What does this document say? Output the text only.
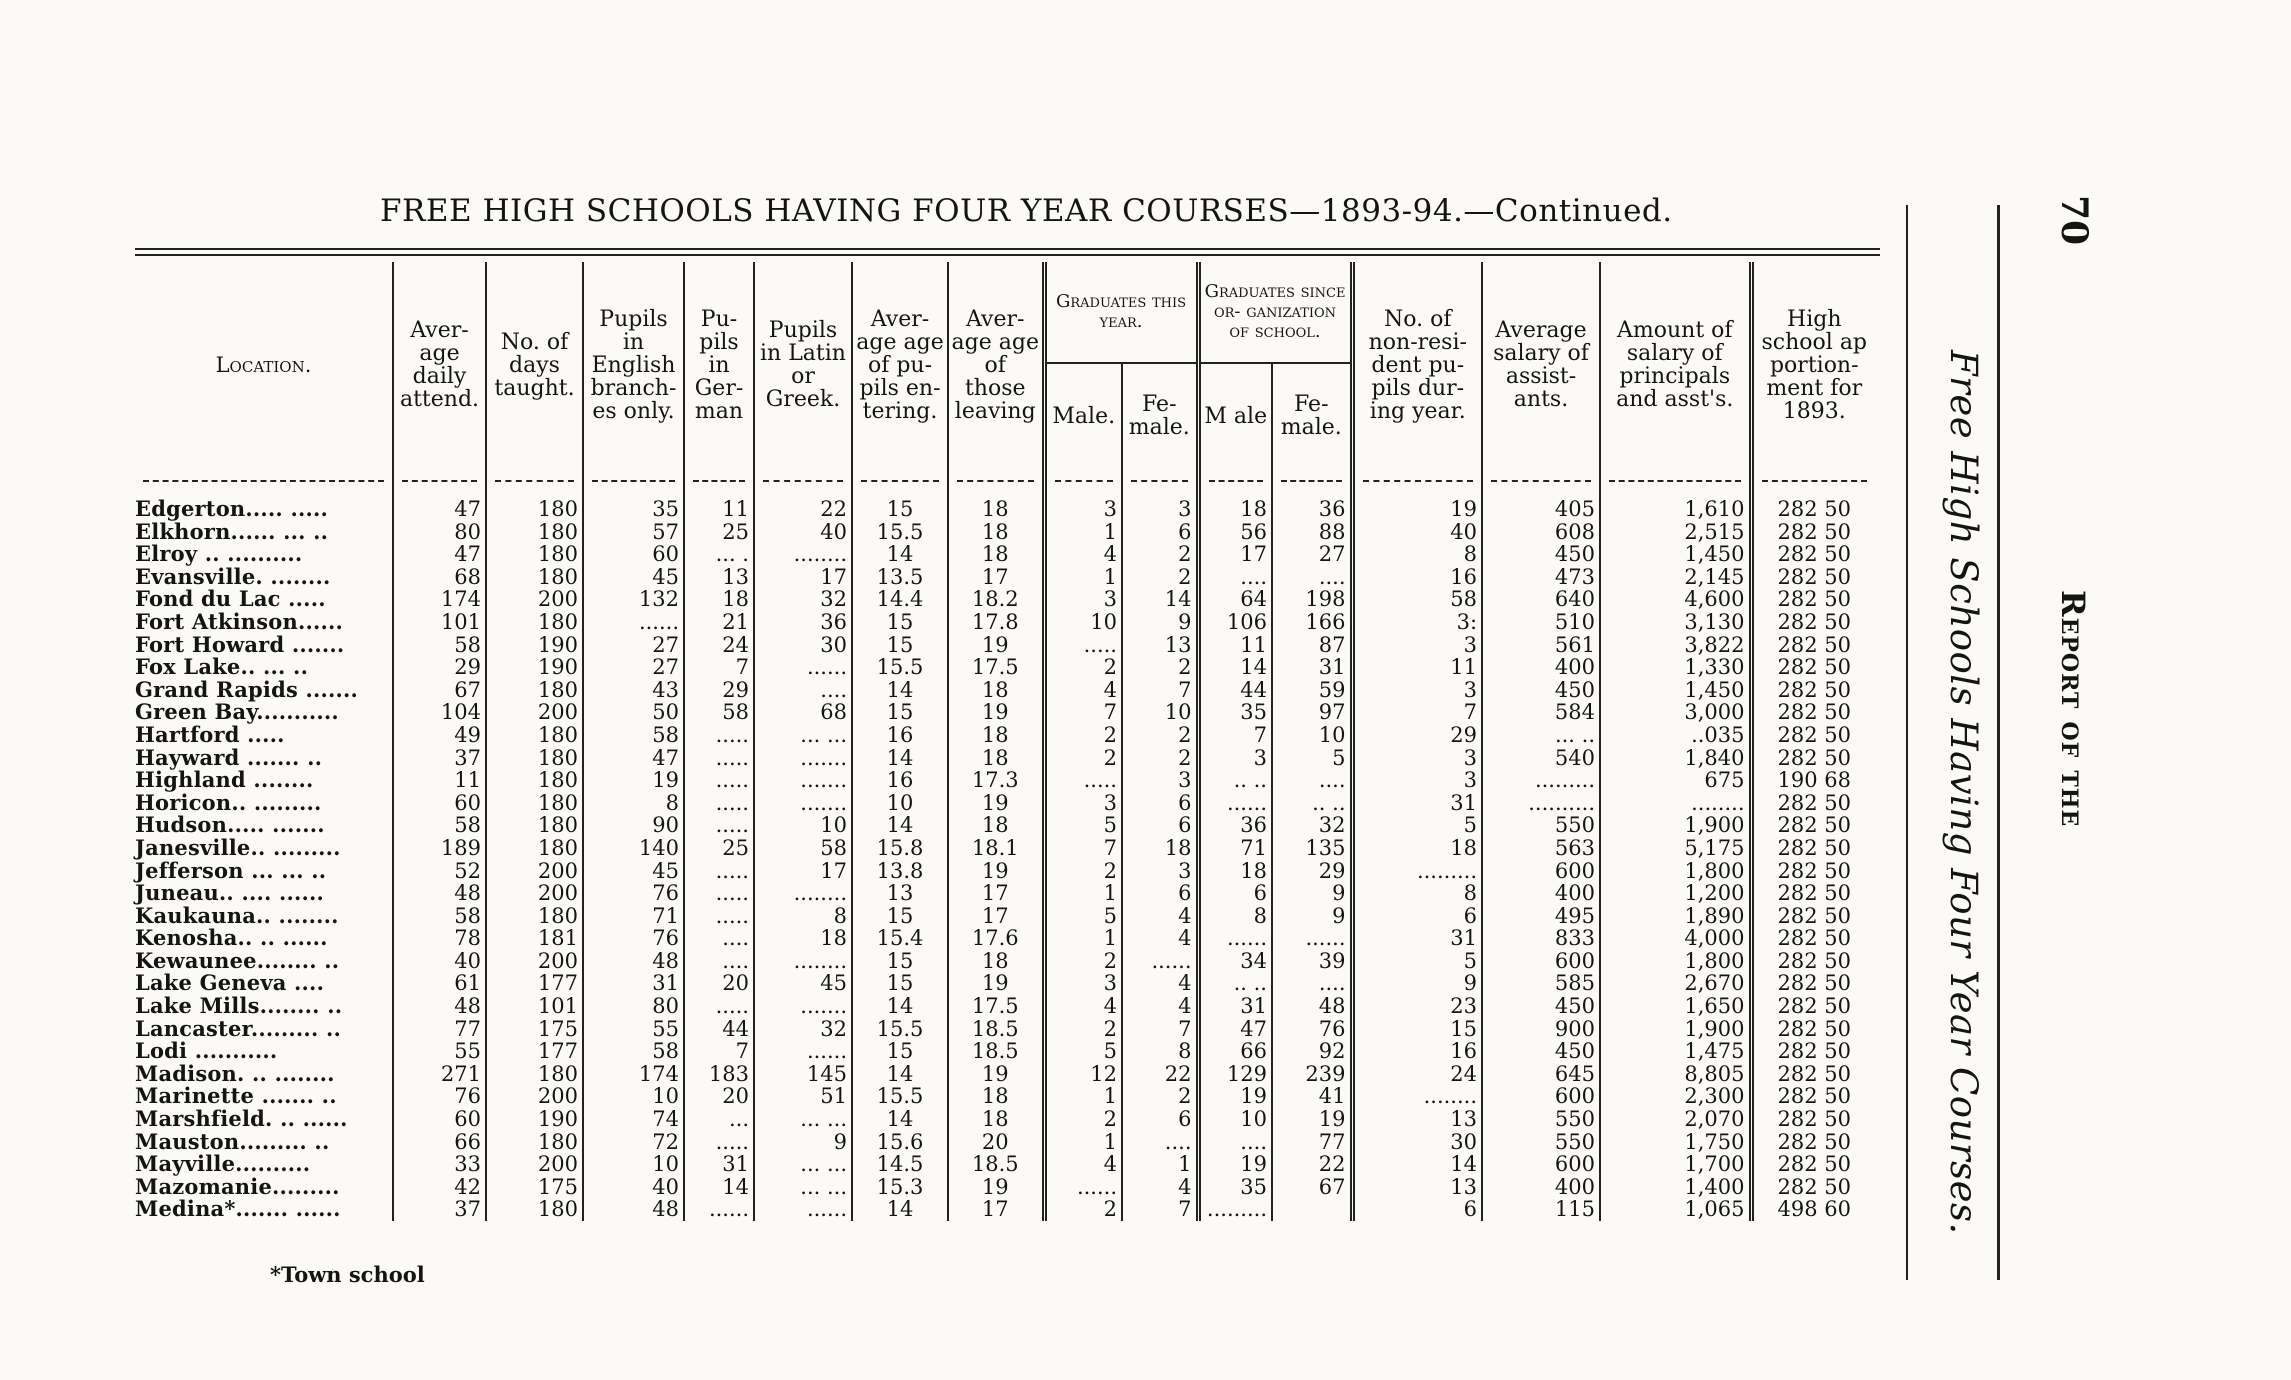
FREE HIGH SCHOOLS HAVING FOUR YEAR COURSES—1893-94.—Continued.
Free High Schools Having Four Year Courses. Report of the
70
Location.	Aver- age daily attend.	No. of days taught.	Pupils in English branch- es only.	Pu- pils in Ger- man	Pupils in Latin or Greek.	Aver- age age of pu- pils en- tering.	Aver- age age of those leaving	Graduates this year.		Graduates since or- ganization of school.		No. of non-resi- dent pu- pils dur- ing year.	Average salary of assist- ants.	Amount of salary of principals and asst's.	High school ap portion- ment for 1893.
								Male.	Fe- male.	M ale	Fe- male.				

Edgerton..... .....	47	180	35	11	22	15	18	3	3	18	36	19	405	1,610	282 50
Elkhorn...... ... ..	80	180	57	25	40	15.5	18	1	6	56	88	40	608	2,515	282 50
Elroy .. ..........	47	180	60	... .	........	14	18	4	2	17	27	8	450	1,450	282 50
Evansville. ........	68	180	45	13	17	13.5	17	1	2	....	....	16	473	2,145	282 50
Fond du Lac .....	174	200	132	18	32	14.4	18.2	3	14	64	198	58	640	4,600	282 50
Fort Atkinson......	101	180	......	21	36	15	17.8	10	9	106	166	3:	510	3,130	282 50
Fort Howard .......	58	190	27	24	30	15	19	.....	13	11	87	3	561	3,822	282 50
Fox Lake.. ... ..	29	190	27	7	......	15.5	17.5	2	2	14	31	11	400	1,330	282 50
Grand Rapids .......	67	180	43	29	....	14	18	4	7	44	59	3	450	1,450	282 50
Green Bay...........	104	200	50	58	68	15	19	7	10	35	97	7	584	3,000	282 50
Hartford .....	49	180	58	.....	... ...	16	18	2	2	7	10	29	... ..	..035	282 50
Hayward ....... ..	37	180	47	.....	.......	14	18	2	2	3	5	3	540	1,840	282 50
Highland ........	11	180	19	.....	.......	16	17.3	.....	3	.. ..	....	3	.........	675	190 68
Horicon.. .........	60	180	8	.....	.......	10	19	3	6	......	.. ..	31	..........	........	282 50
Hudson..... .......	58	180	90	.....	10	14	18	5	6	36	32	5	550	1,900	282 50
Janesville.. .........	189	180	140	25	58	15.8	18.1	7	18	71	135	18	563	5,175	282 50
Jefferson ... ... ..	52	200	45	.....	17	13.8	19	2	3	18	29	.........	600	1,800	282 50
Juneau.. .... ......	48	200	76	.....	........	13	17	1	6	6	9	8	400	1,200	282 50
Kaukauna.. ........	58	180	71	.....	8	15	17	5	4	8	9	6	495	1,890	282 50
Kenosha.. .. ......	78	181	76	....	18	15.4	17.6	1	4	......	......	31	833	4,000	282 50
Kewaunee........ ..	40	200	48	....	........	15	18	2	......	34	39	5	600	1,800	282 50
Lake Geneva ....	61	177	31	20	45	15	19	3	4	.. ..	....	9	585	2,670	282 50
Lake Mills........ ..	48	101	80	.....	.......	14	17.5	4	4	31	48	23	450	1,650	282 50
Lancaster......... ..	77	175	55	44	32	15.5	18.5	2	7	47	76	15	900	1,900	282 50
Lodi ...........	55	177	58	7	......	15	18.5	5	8	66	92	16	450	1,475	282 50
Madison. .. ........	271	180	174	183	145	14	19	12	22	129	239	24	645	8,805	282 50
Marinette ....... ..	76	200	10	20	51	15.5	18	1	2	19	41	........	600	2,300	282 50
Marshfield. .. ......	60	190	74	...	... ...	14	18	2	6	10	19	13	550	2,070	282 50
Mauston......... ..	66	180	72	.....	9	15.6	20	1	....	....	77	30	550	1,750	282 50
Mayville..........	33	200	10	31	... ...	14.5	18.5	4	1	19	22	14	600	1,700	282 50
Mazomanie.........	42	175	40	14	... ...	15.3	19	......	4	35	67	13	400	1,400	282 50
Medina*....... ......	37	180	48	......	......	14	17	2	7	.........		6	115	1,065	498 60
*Town school
